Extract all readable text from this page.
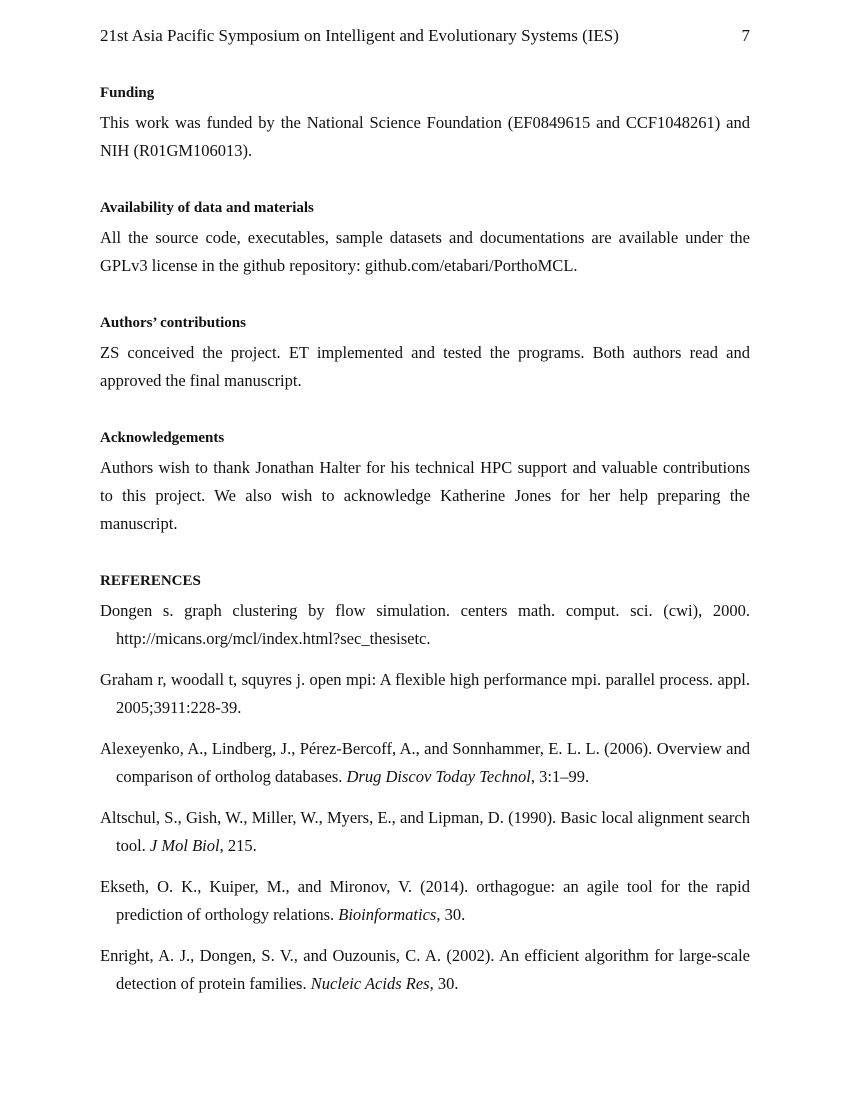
21st Asia Pacific Symposium on Intelligent and Evolutionary Systems (IES)	7

Funding

This work was funded by the National Science Foundation (EF0849615 and CCF1048261) and NIH (R01GM106013).

Availability of data and materials

All the source code, executables, sample datasets and documentations are available under the GPLv3 license in the github repository: github.com/etabari/PorthoMCL.

Authors’ contributions

ZS conceived the project. ET implemented and tested the programs. Both authors read and approved the final manuscript.

Acknowledgements

Authors wish to thank Jonathan Halter for his technical HPC support and valuable contributions to this project. We also wish to acknowledge Katherine Jones for her help preparing the manuscript.

REFERENCES

Dongen s. graph clustering by flow simulation. centers math. comput. sci. (cwi), 2000. http://micans.org/mcl/index.html?sec_thesisetc.

Graham r, woodall t, squyres j. open mpi: A flexible high performance mpi. parallel process. appl. 2005;3911:228-39.

Alexeyenko, A., Lindberg, J., Pérez-Bercoff, A., and Sonnhammer, E. L. L. (2006). Overview and comparison of ortholog databases. Drug Discov Today Technol, 3:1–99.

Altschul, S., Gish, W., Miller, W., Myers, E., and Lipman, D. (1990). Basic local alignment search tool. J Mol Biol, 215.

Ekseth, O. K., Kuiper, M., and Mironov, V. (2014). orthagogue: an agile tool for the rapid prediction of orthology relations. Bioinformatics, 30.

Enright, A. J., Dongen, S. V., and Ouzounis, C. A. (2002). An efficient algorithm for large-scale detection of protein families. Nucleic Acids Res, 30.
